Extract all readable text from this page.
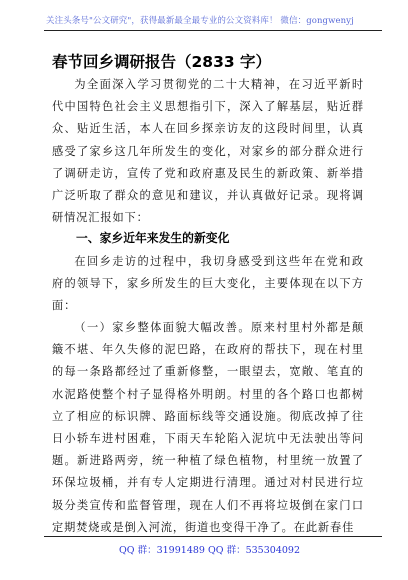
关注头条号"公文研究"，获得最新最全最专业的公文资料库！ 微信：gongwenyj
春节回乡调研报告（2833 字）
为全面深入学习贯彻党的二十大精神，在习近平新时代中国特色社会主义思想指引下，深入了解基层，贴近群众、贴近生活，本人在回乡探亲访友的这段时间里，认真感受了家乡这几年所发生的变化，对家乡的部分群众进行了调研走访，宣传了党和政府惠及民生的新政策、新举措广泛听取了群众的意见和建议，并认真做好记录。现将调研情况汇报如下：
一、家乡近年来发生的新变化
在回乡走访的过程中，我切身感受到这些年在党和政府的领导下，家乡所发生的巨大变化，主要体现在以下方面：
（一）家乡整体面貌大幅改善。原来村里村外都是颠簸不堪、年久失修的泥巴路，在政府的帮扶下，现在村里的每一条路都经过了重新修整，一眼望去，宽敞、笔直的水泥路使整个村子显得格外明朗。村里的各个路口也都树立了相应的标识牌、路面标线等交通设施。彻底改掉了往日小轿车进村困难，下雨天车轮陷入泥坑中无法驶出等问题。新进路两旁，统一种植了绿色植物，村里统一放置了环保垃圾桶，并有专人定期进行清理。通过对村民进行垃圾分类宣传和监督管理，现在人们不再将垃圾倒在家门口定期焚烧或是倒入河流，街道也变得干净了。在此新春佳
QQ 群：31991489 QQ 群：535304092
